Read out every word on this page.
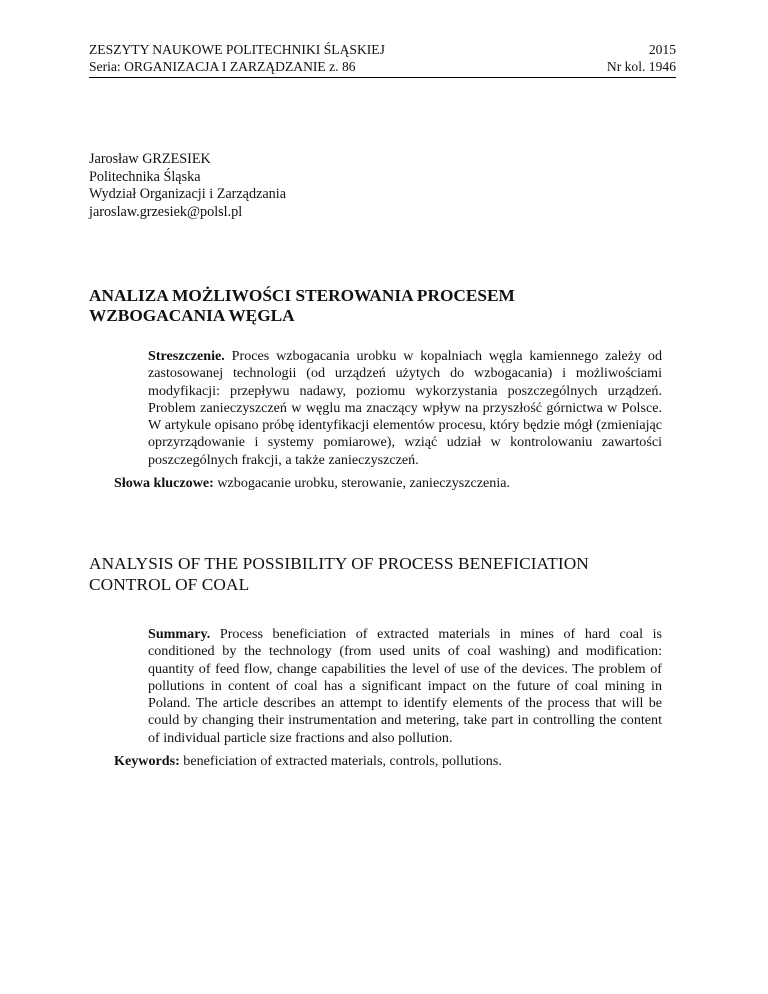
ZESZYTY NAUKOWE POLITECHNIKI ŚLĄSKIEJ	2015
Seria: ORGANIZACJA I ZARZĄDZANIE z. 86	Nr kol. 1946
Jarosław GRZESIEK
Politechnika Śląska
Wydział Organizacji i Zarządzania
jaroslaw.grzesiek@polsl.pl
ANALIZA MOŻLIWOŚCI STEROWANIA PROCESEM
WZBOGACANIA WĘGLA

Streszczenie. Proces wzbogacania urobku w kopalniach węgla kamiennego zależy od zastosowanej technologii (od urządzeń użytych do wzbogacania) i możliwościami modyfikacji: przepływu nadawy, poziomu wykorzystania poszczególnych urządzeń. Problem zanieczyszczeń w węglu ma znaczący wpływ na przyszłość górnictwa w Polsce. W artykule opisano próbę identyfikacji elementów procesu, który będzie mógł (zmieniając oprzyrządowanie i systemy pomiarowe), wziąć udział w kontrolowaniu zawartości poszczególnych frakcji, a także zanieczyszczeń.

Słowa kluczowe: wzbogacanie urobku, sterowanie, zanieczyszczenia.

ANALYSIS OF THE POSSIBILITY OF PROCESS BENEFICIATION
CONTROL OF COAL

Summary. Process beneficiation of extracted materials in mines of hard coal is conditioned by the technology (from used units of coal washing) and modification: quantity of feed flow, change capabilities the level of use of the devices. The problem of pollutions in content of coal has a significant impact on the future of coal mining in Poland. The article describes an attempt to identify elements of the process that will be could by changing their instrumentation and metering, take part in controlling the content of individual particle size fractions and also pollution.

Keywords: beneficiation of extracted materials, controls, pollutions.
